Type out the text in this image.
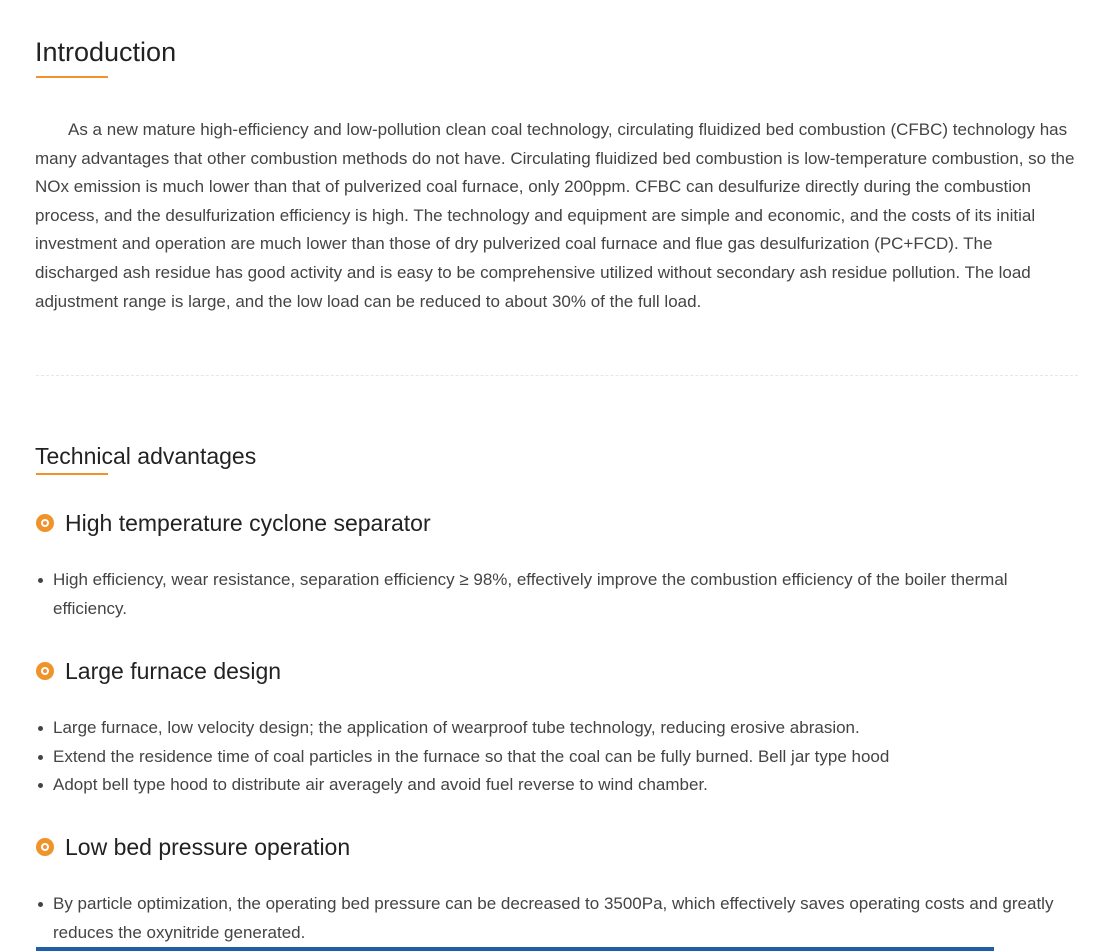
Introduction

As a new mature high-efficiency and low-pollution clean coal technology, circulating fluidized bed combustion (CFBC) technology has many advantages that other combustion methods do not have. Circulating fluidized bed combustion is low-temperature combustion, so the NOx emission is much lower than that of pulverized coal furnace, only 200ppm. CFBC can desulfurize directly during the combustion process, and the desulfurization efficiency is high. The technology and equipment are simple and economic, and the costs of its initial investment and operation are much lower than those of dry pulverized coal furnace and flue gas desulfurization (PC+FCD). The discharged ash residue has good activity and is easy to be comprehensive utilized without secondary ash residue pollution. The load adjustment range is large, and the low load can be reduced to about 30% of the full load.

Technical advantages
High temperature cyclone separator
High efficiency, wear resistance, separation efficiency ≥ 98%, effectively improve the combustion efficiency of the boiler thermal efficiency.
Large furnace design
Large furnace, low velocity design; the application of wearproof tube technology, reducing erosive abrasion.
Extend the residence time of coal particles in the furnace so that the coal can be fully burned. Bell jar type hood
Adopt bell type hood to distribute air averagely and avoid fuel reverse to wind chamber.
Low bed pressure operation
By particle optimization, the operating bed pressure can be decreased to 3500Pa, which effectively saves operating costs and greatly reduces the oxynitride generated.
